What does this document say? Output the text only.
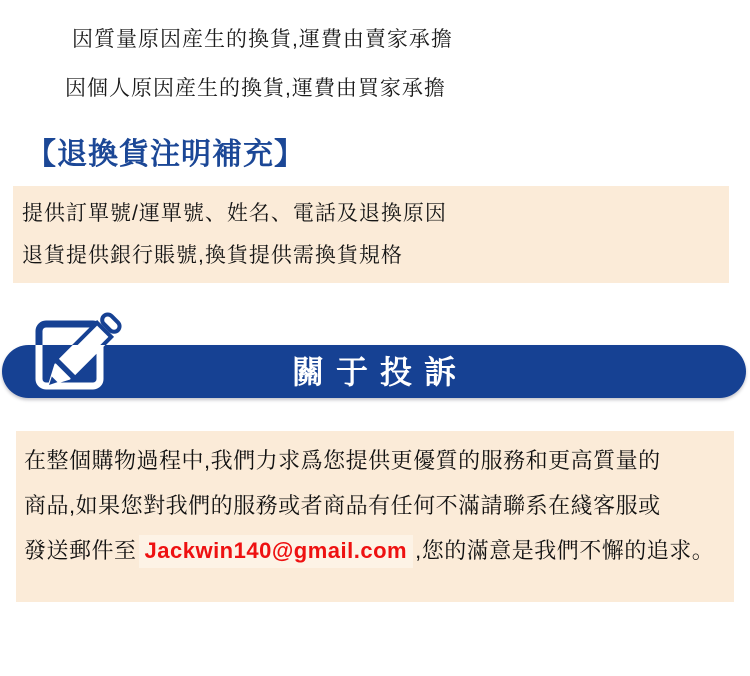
因質量原因産生的換貨,運費由賣家承擔
因個人原因産生的換貨,運費由買家承擔
【退換貨注明補充】
提供訂單號/運單號、姓名、電話及退換原因
退貨提供銀行賬號,換貨提供需換貨規格
關于投訴
在整個購物過程中,我們力求爲您提供更優質的服務和更高質量的
商品,如果您對我們的服務或者商品有任何不滿請聯系在綫客服或
發送郵件至 Jackwin140@gmail.com ,您的滿意是我們不懈的追求。
